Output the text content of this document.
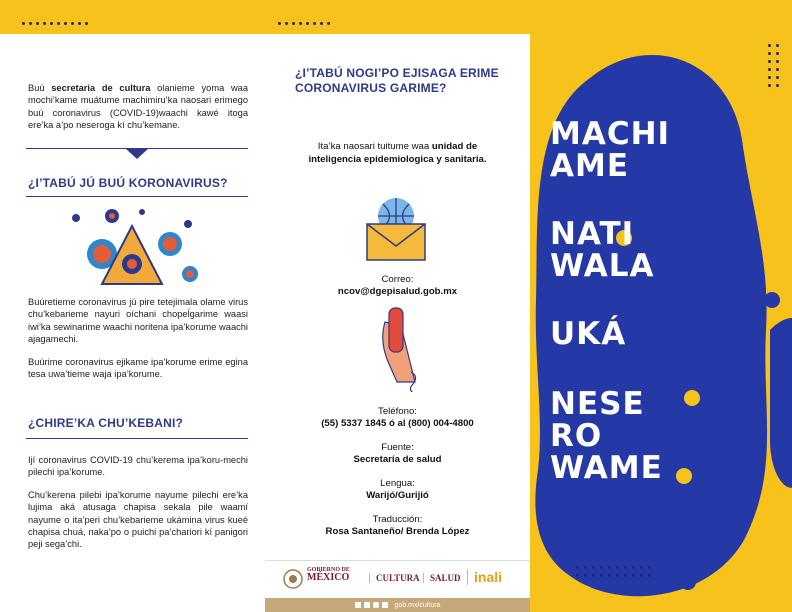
Buú secretaria de cultura olanieme yoma waa mochi’kame muátume machimiru’ka naosari erimego buú coronavirus (COVID-19)waachi kawé itoga ere’ka a’po neseroga kí chu’kemane.
¿I’TABÚ JÚ BUÚ KORONAVIRUS?
Buúretieme coronavirus jú pire tetejimala olame virus chu’kebarieme nayuri oíchani chopeĺgarime waasi iwi’ka sewinarime waachi noritena ipa’korume waachi ajagamechi.
Buúrime coronavirus ejikame ipa’korume erime egina tesa uwa’tieme waja ipa’korume.
¿CHIRE’KA CHU’KEBANI?
Ijí coronavirus COVID-19 chu’kerema ipa’koru-mechi pilechi ipa’korume.
Chu’kerena pilebi ipa’korume nayume pilechi ere’ka lujima aká atusaga chapisa sekala pile waamí nayume o ita’peri chu’kebarieme ukámina virus kueé chapisa chuá, naka’po o puichi pa’chariori kí panigori peji sega’chi.
¿I’TABÚ NOGI’PO EJISAGA ERIME CORONAVIRUS GARIME?
Ita’ka naosari tuitume waa unidad de inteligencia epidemiologica y sanitaria.
Correo:
ncov@dgepisalud.gob.mx
Teléfono:
(55) 5337 1845 ó al (800) 004-4800
Fuente:
Secretaría de salud
Lengua:
Warijó/Gurijió
Traducción:
Rosa Santaneño/ Brenda López
GOBIERNO DE
MÉXICO	CULTURA	SALUD inali
gob.mx/cultura
MACHI
AME
NATI
WALA
UKÁ
NESE
RO
WAME
